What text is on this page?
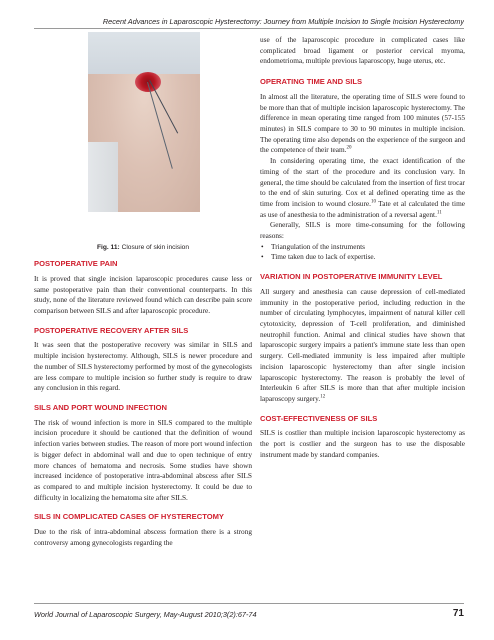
Recent Advances in Laparoscopic Hysterectomy: Journey from Multiple Incision to Single Incision Hysterectomy
Fig. 11: Closure of skin incision
POSTOPERATIVE PAIN

It is proved that single incision laparoscopic procedures cause less or same postoperative pain than their conventional counterparts. In this study, none of the literature reviewed found which can describe pain score comparison between SILS and after laparoscopic procedure.

POSTOPERATIVE RECOVERY AFTER SILS

It was seen that the postoperative recovery was similar in SILS and multiple incision hysterectomy. Although, SILS is newer procedure and the number of SILS hysterectomy performed by most of the gynecologists are less compare to multiple incision so further study is require to draw any conclusion in this regard.

SILS AND PORT WOUND INFECTION

The risk of wound infection is more in SILS compared to the multiple incision procedure it should be cautioned that the definition of wound infection varies between studies. The reason of more port wound infection is bigger defect in abdominal wall and due to open technique of entry more chances of hematoma and necrosis. Some studies have shown increased incidence of postoperative intra-abdominal abscess after SILS as compared to and multiple incision hysterectomy. It could be due to difficulty in localizing the hematoma site after SILS.

SILS IN COMPLICATED CASES OF HYSTERECTOMY

Due to the risk of intra-abdominal abscess formation there is a strong controversy among gynecologists regarding the

use of the laparoscopic procedure in complicated cases like complicated broad ligament or posterior cervical myoma, endometrioma, multiple previous laparoscopy, huge uterus, etc.

OPERATING TIME AND SILS

In almost all the literature, the operating time of SILS were found to be more than that of multiple incision laparoscopic hysterectomy. The difference in mean operating time ranged from 100 minutes (57-155 minutes) in SILS compare to 30 to 90 minutes in multiple incision. The operating time also depends on the experience of the surgeon and the competence of their team.$^{20}$

In considering operating time, the exact identification of the timing of the start of the procedure and its conclusion vary. In general, the time should be calculated from the insertion of first trocar to the end of skin suturing. Cox et al defined operating time as the time from incision to wound closure.$^{10}$ Tate et al calculated the time as use of anesthesia to the administration of a reversal agent.$^{11}$

Generally, SILS is more time-consuming for the following reasons:

• Triangulation of the instruments
• Time taken due to lack of expertise.
VARIATION IN POSTOPERATIVE IMMUNITY LEVEL

All surgery and anesthesia can cause depression of cell-mediated immunity in the postoperative period, including reduction in the number of circulating lymphocytes, impairment of natural killer cell cytotoxicity, depression of T-cell proliferation, and diminished neutrophil function. Animal and clinical studies have shown that laparoscopic surgery impairs a patient's immune state less than open surgery. Cell-mediated immunity is less impaired after multiple incision laparoscopic hysterectomy than after single incision laparoscopic hysterectomy. The reason is probably the level of Interleukin 6 after SILS is more than that after multiple incision laparoscopy surgery.$^{12}$

COST-EFFECTIVENESS OF SILS

SILS is costlier than multiple incision laparoscopic hysterectomy as the port is costlier and the surgeon has to use the disposable instrument made by standard companies.

World Journal of Laparoscopic Surgery, May-August 2010;3(2):67-74	71
